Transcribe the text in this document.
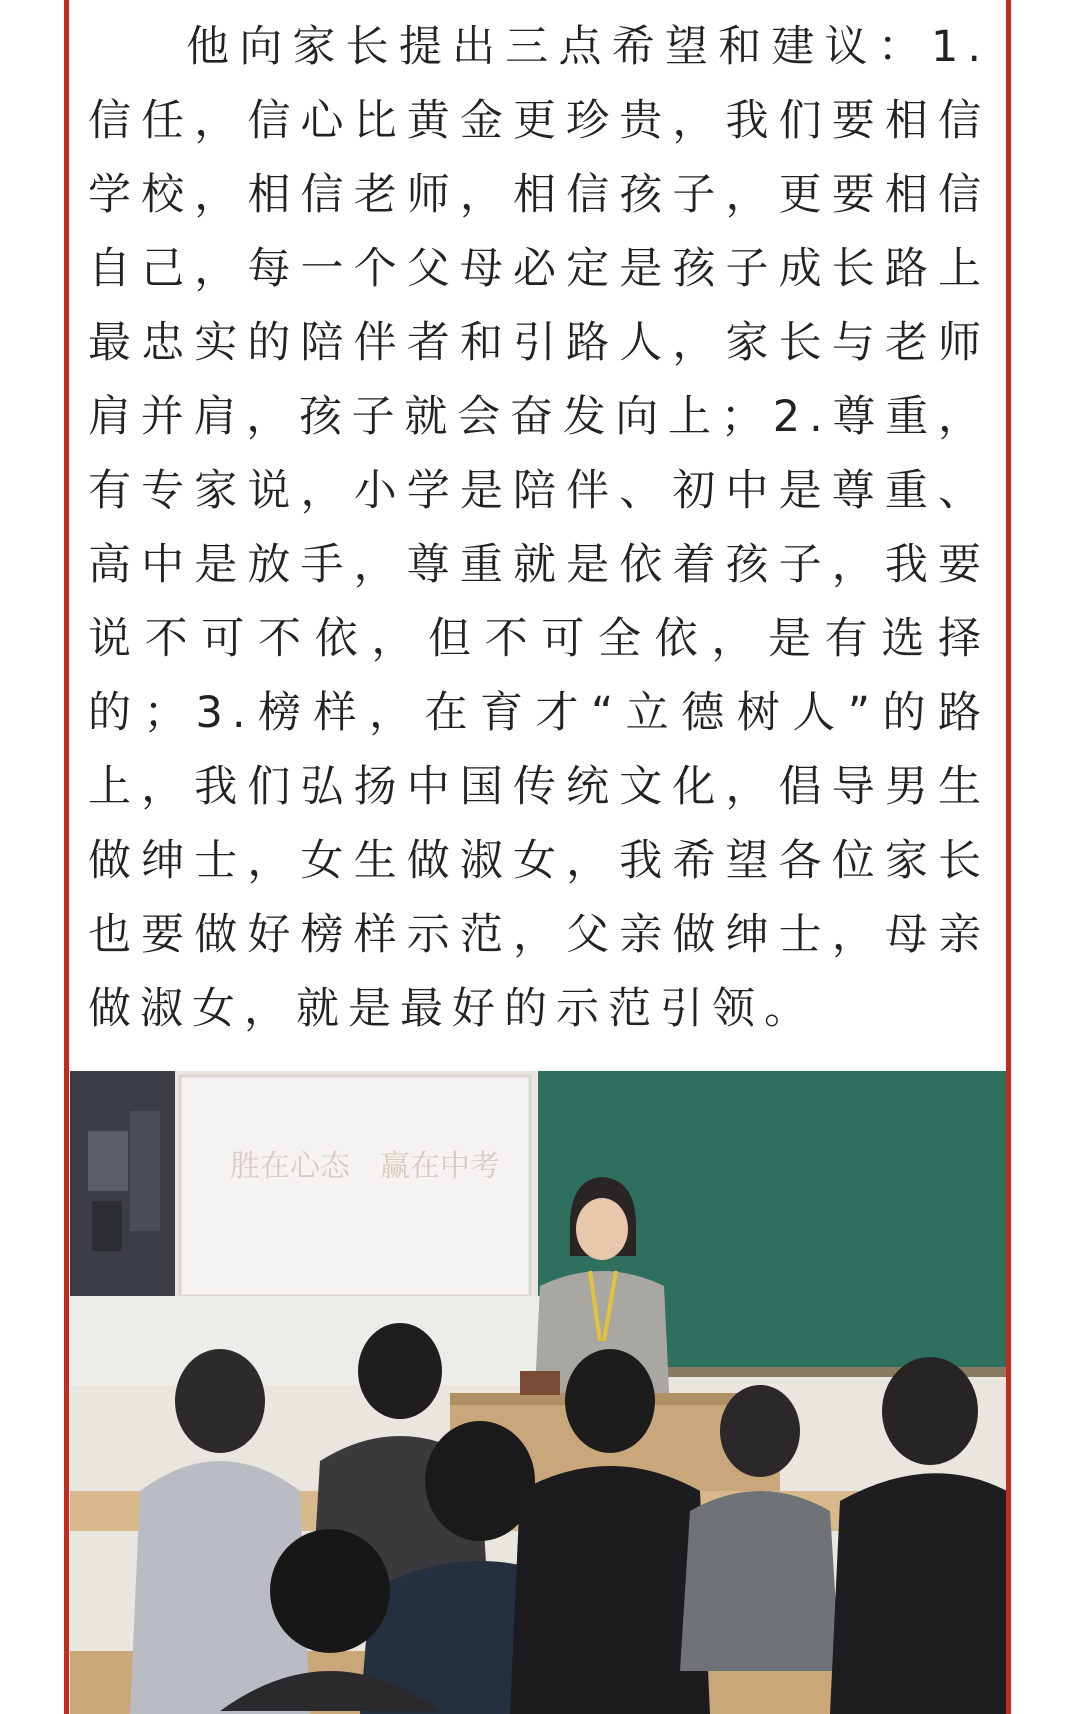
他向家长提出三点希望和建议：1.信任，信心比黄金更珍贵，我们要相信学校，相信老师，相信孩子，更要相信自己，每一个父母必定是孩子成长路上最忠实的陪伴者和引路人，家长与老师肩并肩，孩子就会奋发向上；2.尊重，有专家说，小学是陪伴、初中是尊重、高中是放手，尊重就是依着孩子，我要说不可不依，但不可全依，是有选择的；3.榜样，在育才“立德树人”的路上，我们弘扬中国传统文化，倡导男生做绅士，女生做淑女，我希望各位家长也要做好榜样示范，父亲做绅士，母亲做淑女，就是最好的示范引领。

胜在心态　赢在中考
